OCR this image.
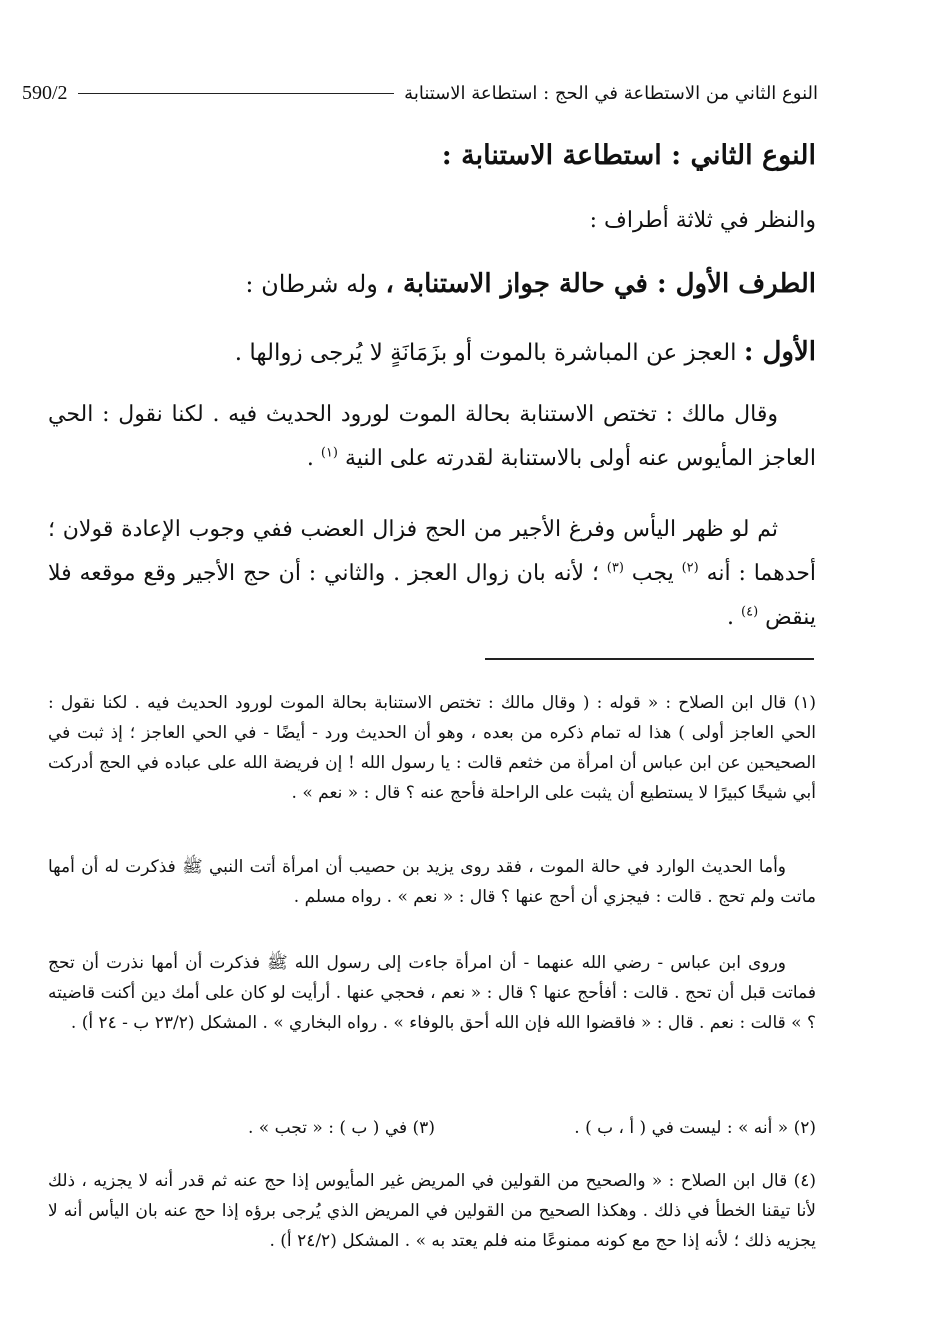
النوع الثاني من الاستطاعة في الحج : استطاعة الاستنابة
590/2
النوع الثاني : استطاعة الاستنابة :
والنظر في ثلاثة أطراف :
الطرف الأول : في حالة جواز الاستنابة ، وله شرطان :
الأول : العجز عن المباشرة بالموت أو بزَمَانَةٍ لا يُرجى زوالها .
وقال مالك : تختص الاستنابة بحالة الموت لورود الحديث فيه . لكنا نقول : الحي العاجز المأيوس عنه أولى بالاستنابة لقدرته على النية $^{(١)}$ .
ثم لو ظهر اليأس وفرغ الأجير من الحج فزال العضب ففي وجوب الإعادة قولان ؛ أحدهما : أنه $^{(٢)}$ يجب $^{(٣)}$ ؛ لأنه بان زوال العجز . والثاني : أن حج الأجير وقع موقعه فلا ينقض $^{(٤)}$ .
(١) قال ابن الصلاح : « قوله : ( وقال مالك : تختص الاستنابة بحالة الموت لورود الحديث فيه . لكنا نقول : الحي العاجز أولى ) هذا له تمام ذكره من بعده ، وهو أن الحديث ورد - أيضًا - في الحي العاجز ؛ إذ ثبت في الصحيحين عن ابن عباس أن امرأة من خثعم قالت : يا رسول الله ! إن فريضة الله على عباده في الحج أدركت أبي شيخًا كبيرًا لا يستطيع أن يثبت على الراحلة فأحج عنه ؟ قال : « نعم » .
وأما الحديث الوارد في حالة الموت ، فقد روى يزيد بن حصيب أن امرأة أتت النبي ﷺ فذكرت له أن أمها ماتت ولم تحج . قالت : فيجزي أن أحج عنها ؟ قال : « نعم » . رواه مسلم .
وروى ابن عباس - رضي الله عنهما - أن امرأة جاءت إلى رسول الله ﷺ فذكرت أن أمها نذرت أن تحج فماتت قبل أن تحج . قالت : أفأحج عنها ؟ قال : « نعم ، فحجي عنها . أرأيت لو كان على أمك دين أكنت قاضيته ؟ » قالت : نعم . قال : « فاقضوا الله فإن الله أحق بالوفاء » . رواه البخاري » . المشكل (٢٣/٢ ب - ٢٤ أ) .
(٢) « أنه » : ليست في ( أ ، ب ) .
(٣) في ( ب ) : « تجب » .
(٤) قال ابن الصلاح : « والصحيح من القولين في المريض غير المأيوس إذا حج عنه ثم قدر أنه لا يجزيه ، ذلك لأنا تيقنا الخطأ في ذلك . وهكذا الصحيح من القولين في المريض الذي يُرجى برؤه إذا حج عنه بان اليأس أنه لا يجزيه ذلك ؛ لأنه إذا حج مع كونه ممنوعًا منه فلم يعتد به » . المشكل (٢٤/٢ أ) .
